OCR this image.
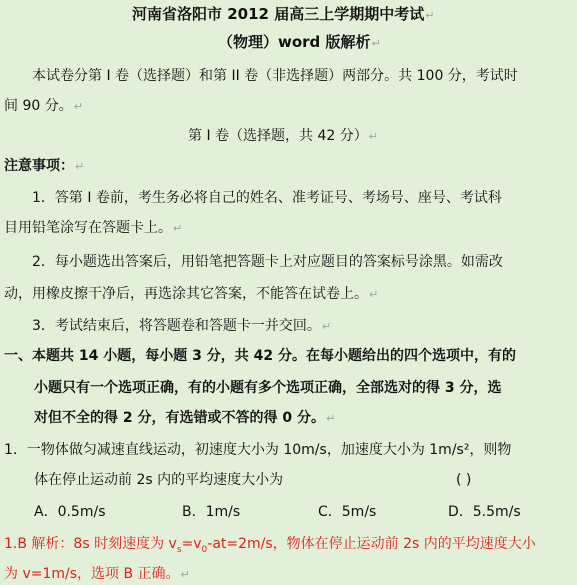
河南省洛阳市 2012 届高三上学期期中考试↵
（物理）word 版解析↵
本试卷分第 I 卷（选择题）和第 II 卷（非选择题）两部分。共 100 分，考试时
间 90 分。↵
第 I 卷（选择题，共 42 分）↵
注意事项：↵
1．答第 I 卷前，考生务必将自己的姓名、准考证号、考场号、座号、考试科
目用铅笔涂写在答题卡上。↵
2．每小题选出答案后，用铅笔把答题卡上对应题目的答案标号涂黑。如需改
动，用橡皮擦干净后，再选涂其它答案，不能答在试卷上。↵
3．考试结束后，将答题卷和答题卡一并交回。↵
一、本题共 14 小题，每小题 3 分，共 42 分。在每小题给出的四个选项中，有的
小题只有一个选项正确，有的小题有多个选项正确，全部选对的得 3 分，选
对但不全的得 2 分，有选错或不答的得 0 分。↵
1．一物体做匀减速直线运动，初速度大小为 10m/s，加速度大小为 1m/s²，则物
体在停止运动前 2s 内的平均速度大小为	( )
A．0.5m/s	B．1m/s	C．5m/s	D．5.5m/s
1.B 解析：8s 时刻速度为 $v_s=v_0-at=2m/s$，物体在停止运动前 2s 内的平均速度大小
为 v=1m/s，选项 B 正确。↵
